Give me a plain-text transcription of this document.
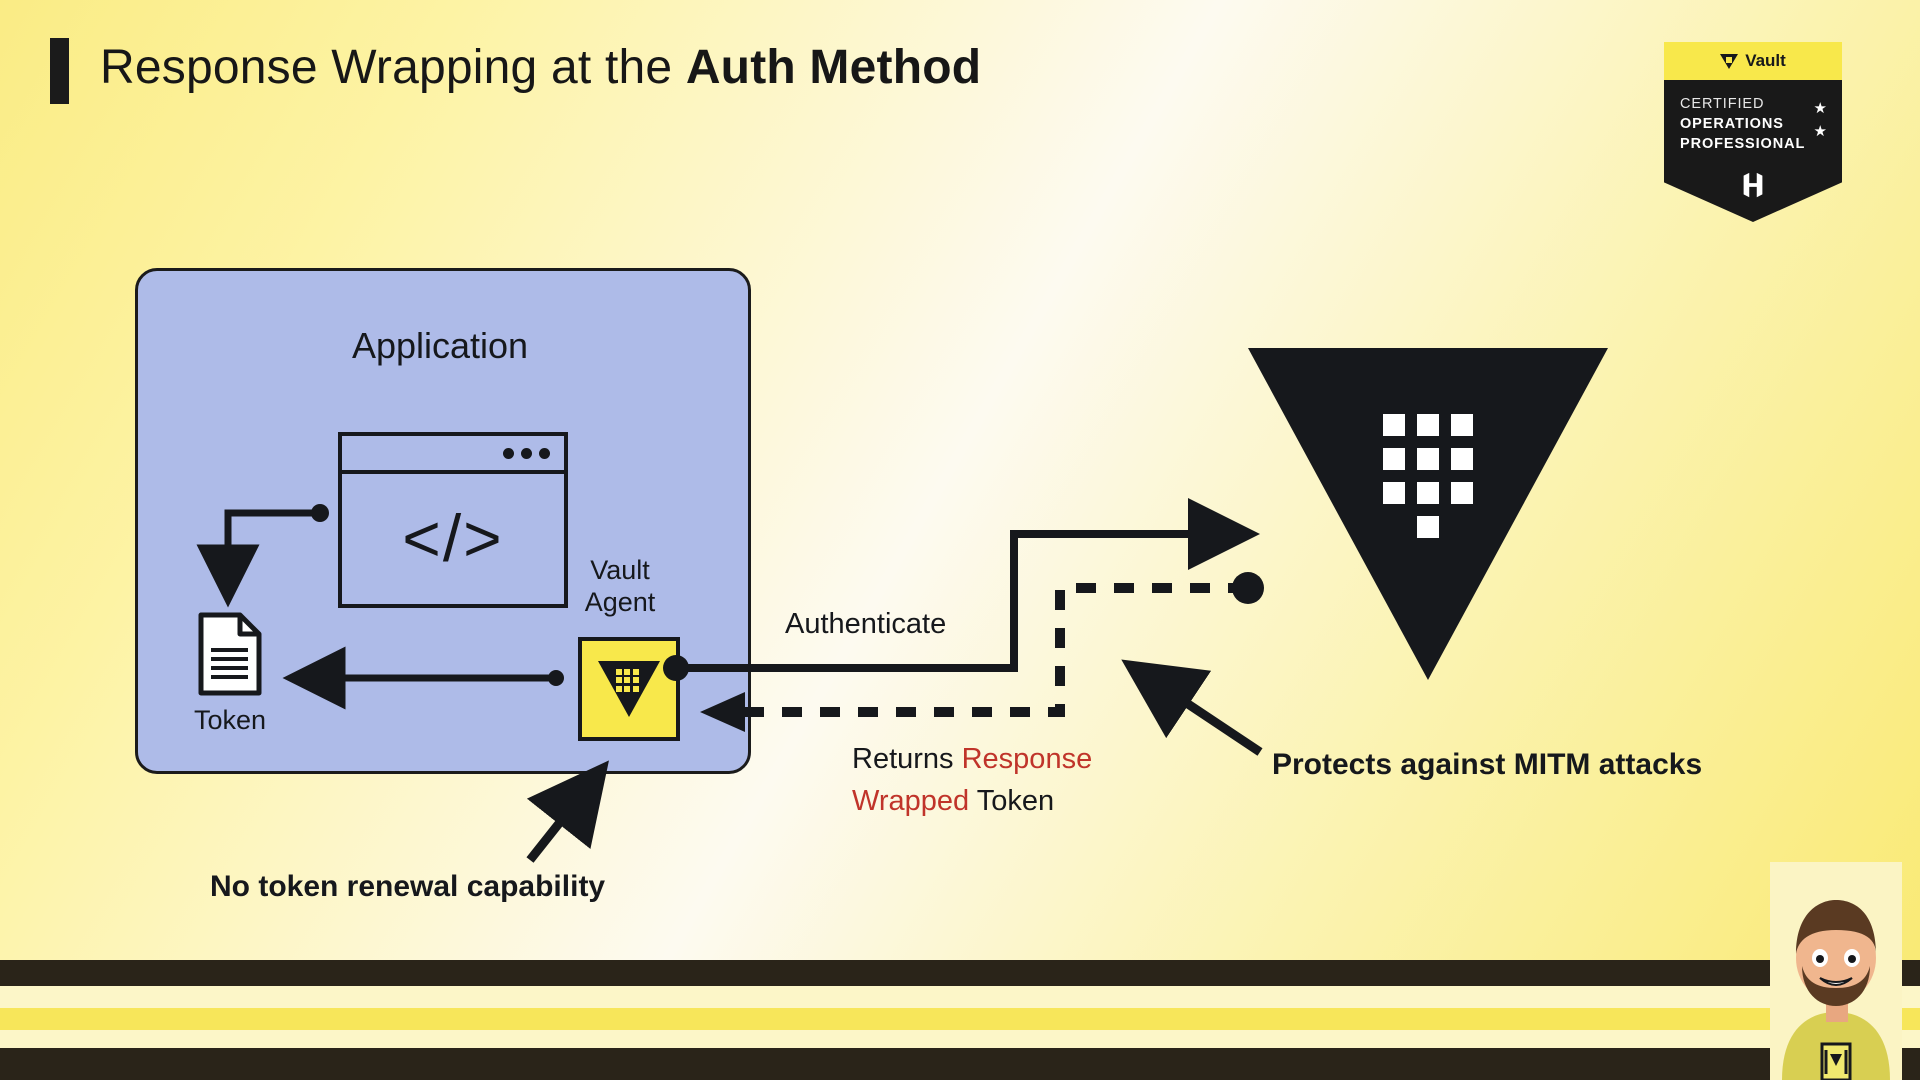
Response Wrapping at the Auth Method	Vault
CERTIFIED
OPERATIONS
PROFESSIONAL
★
★
Application
</>
Token
Vault
Agent
Authenticate
Returns Response Wrapped Token
Protects against MITM attacks
No token renewal capability
